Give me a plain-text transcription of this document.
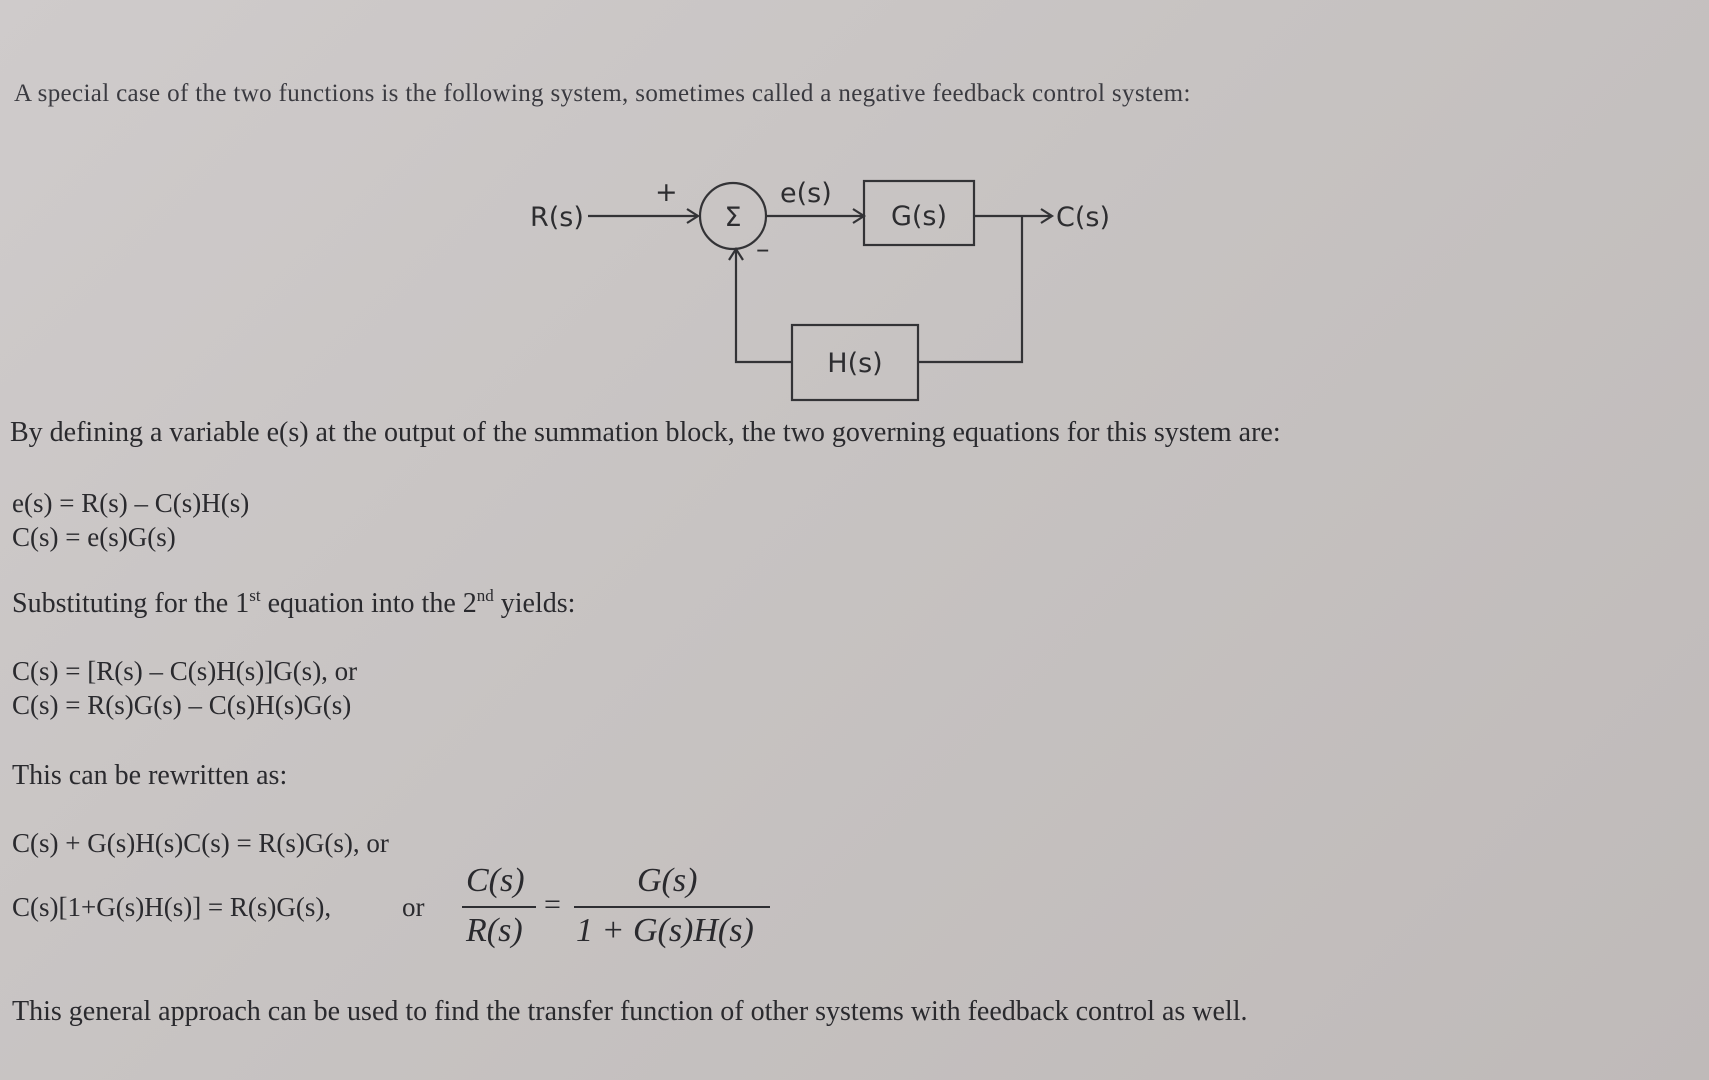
A special case of the two functions is the following system, sometimes called a negative feedback control system:
R(s)
+
Σ
–
e(s)
G(s)	C(s)
H(s)
By defining a variable e(s) at the output of the summation block, the two governing equations for this system are:
e(s) = R(s) – C(s)H(s)
C(s) = e(s)G(s)
Substituting for the 1st equation into the 2nd yields:
C(s) = [R(s) – C(s)H(s)]G(s), or
C(s) = R(s)G(s) – C(s)H(s)G(s)
This can be rewritten as:
C(s) + G(s)H(s)C(s) = R(s)G(s), or
C(s)[1+G(s)H(s)] = R(s)G(s),	or
C(s)
R(s)
=
G(s)
1 + G(s)H(s)
This general approach can be used to find the transfer function of other systems with feedback control as well.
